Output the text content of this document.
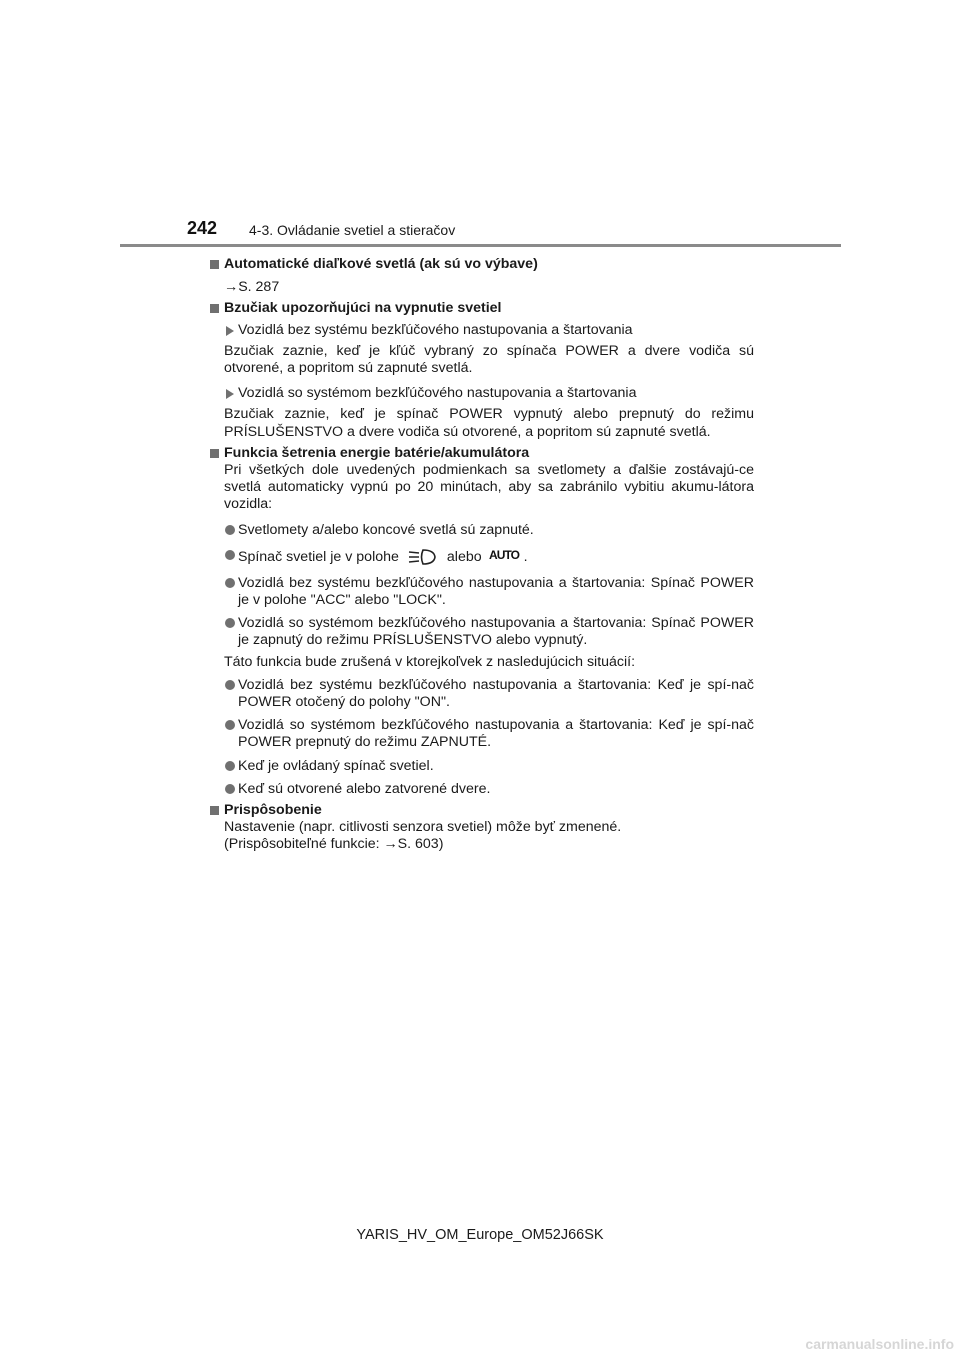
242 4-3. Ovládanie svetiel a stieračov

Automatické diaľkové svetlá (ak sú vo výbave)

→S. 287

Bzučiak upozorňujúci na vypnutie svetiel

Vozidlá bez systému bezkľúčového nastupovania a štartovania

Bzučiak zaznie, keď je kľúč vybraný zo spínača POWER a dvere vodiča sú otvorené, a popritom sú zapnuté svetlá.

Vozidlá so systémom bezkľúčového nastupovania a štartovania

Bzučiak zaznie, keď je spínač POWER vypnutý alebo prepnutý do režimu PRÍSLUŠENSTVO a dvere vodiča sú otvorené, a popritom sú zapnuté svetlá.

Funkcia šetrenia energie batérie/akumulátora

Pri všetkých dole uvedených podmienkach sa svetlomety a ďalšie zostávajú-ce svetlá automaticky vypnú po 20 minútach, aby sa zabránilo vybitiu akumu-látora vozidla:

Svetlomety a/alebo koncové svetlá sú zapnuté.

Spínač svetiel je v polohe	alebo AUTO .

Vozidlá bez systému bezkľúčového nastupovania a štartovania: Spínač POWER je v polohe "ACC" alebo "LOCK".

Vozidlá so systémom bezkľúčového nastupovania a štartovania: Spínač POWER je zapnutý do režimu PRÍSLUŠENSTVO alebo vypnutý.

Táto funkcia bude zrušená v ktorejkoľvek z nasledujúcich situácií:

Vozidlá bez systému bezkľúčového nastupovania a štartovania: Keď je spí-nač POWER otočený do polohy "ON".

Vozidlá so systémom bezkľúčového nastupovania a štartovania: Keď je spí-nač POWER prepnutý do režimu ZAPNUTÉ.

Keď je ovládaný spínač svetiel.

Keď sú otvorené alebo zatvorené dvere.

Prispôsobenie

Nastavenie (napr. citlivosti senzora svetiel) môže byť zmenené.

(Prispôsobiteľné funkcie: →S. 603)

YARIS_HV_OM_Europe_OM52J66SK
carmanualsonline.info
